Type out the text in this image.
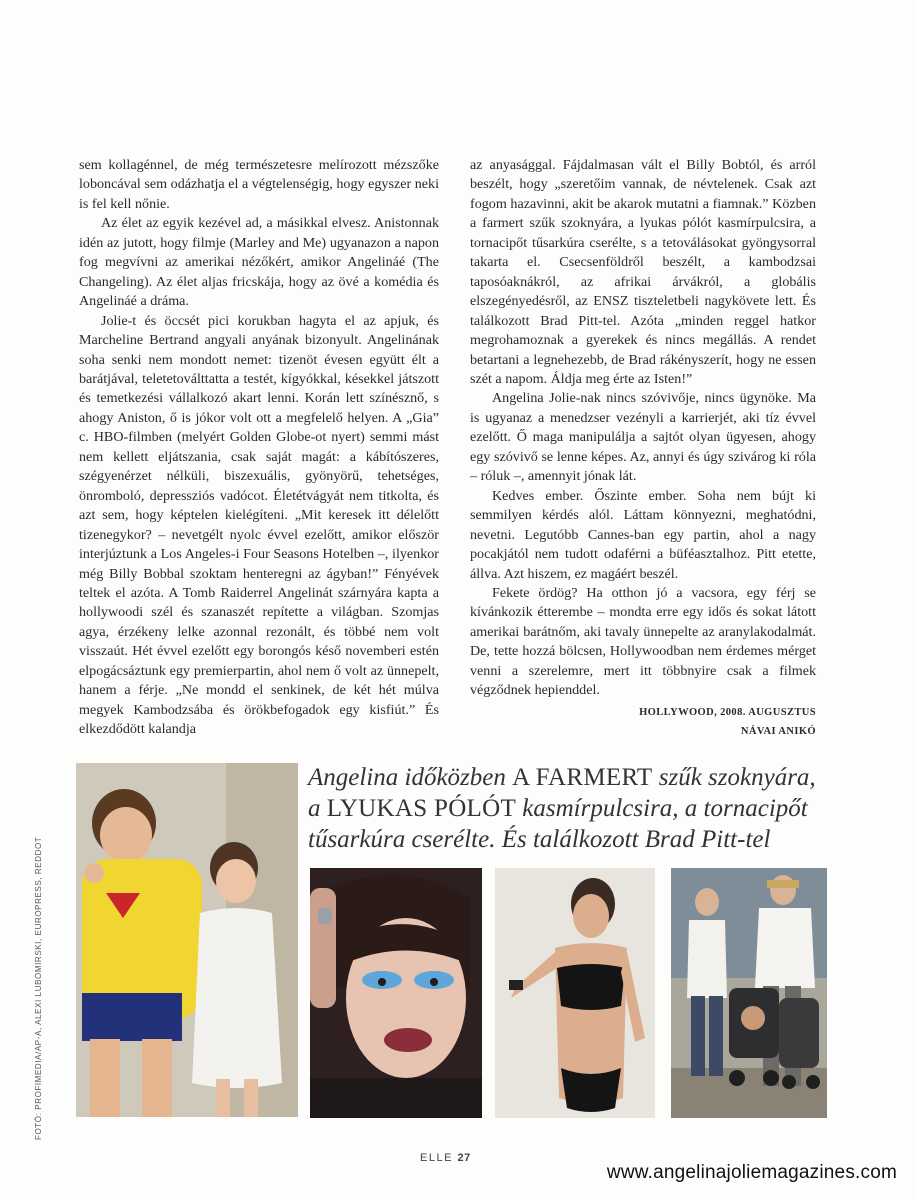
sem kollagénnel, de még természetesre melírozott mézszőke loboncával sem odázhatja el a végtelenségig, hogy egyszer neki is fel kell nőnie.

Az élet az egyik kezével ad, a másikkal elvesz. Anistonnak idén az jutott, hogy filmje (Marley and Me) ugyanazon a napon fog megvívni az amerikai nézőkért, amikor Angelináé (The Changeling). Az élet aljas fricskája, hogy az övé a komédia és Angelináé a dráma.

Jolie-t és öccsét pici korukban hagyta el az apjuk, és Marcheline Bertrand angyali anyának bizonyult. Angelinának soha senki nem mondott nemet: tizenöt évesen együtt élt a barátjával, teletetoválttatta a testét, kígyókkal, késekkel játszott és temetkezési vállalkozó akart lenni. Korán lett színésznő, s ahogy Aniston, ő is jókor volt ott a megfelelő helyen. A „Gia” c. HBO-filmben (melyért Golden Globe-ot nyert) semmi mást nem kellett eljátszania, csak saját magát: a kábítószeres, szégyenérzet nélküli, biszexuális, gyönyörű, tehetséges, önromboló, depressziós vadócot. Életétvágyát nem titkolta, és azt sem, hogy képtelen kielégíteni. „Mit keresek itt délelőtt tizenegykor? – nevetgélt nyolc évvel ezelőtt, amikor először interjúztunk a Los Angeles-i Four Seasons Hotelben –, ilyenkor még Billy Bobbal szoktam henteregni az ágyban!” Fényévek teltek el azóta. A Tomb Raiderrel Angelinát szárnyára kapta a hollywoodi szél és szanaszét repítette a világban. Szomjas agya, érzékeny lelke azonnal rezonált, és többé nem volt visszaút. Hét évvel ezelőtt egy borongós késő novemberi estén elpogácsáztunk egy premierpartin, ahol nem ő volt az ünnepelt, hanem a férje. „Ne mondd el senkinek, de két hét múlva megyek Kambodzsába és örökbefogadok egy kisfiút.” És elkezdődött kalandja

az anyasággal. Fájdalmasan vált el Billy Bobtól, és arról beszélt, hogy „szeretőim vannak, de névtelenek. Csak azt fogom hazavinni, akit be akarok mutatni a fiamnak.” Közben a farmert szűk szoknyára, a lyukas pólót kasmírpulcsira, a tornacipőt tűsarkúra cserélte, s a tetoválásokat gyöngysorral takarta el. Csecsenföldről beszélt, a kambodzsai taposóaknákról, az afrikai árvákról, a globális elszegényedésről, az ENSZ tiszteletbeli nagykövete lett. És találkozott Brad Pitt-tel. Azóta „minden reggel hatkor megrohamoznak a gyerekek és nincs megállás. A rendet betartani a legnehezebb, de Brad rákényszerít, hogy ne essen szét a napom. Áldja meg érte az Isten!”

Angelina Jolie-nak nincs szóvivője, nincs ügynöke. Ma is ugyanaz a menedzser vezényli a karrierjét, aki tíz évvel ezelőtt. Ő maga manipulálja a sajtót olyan ügyesen, ahogy egy szóvivő se lenne képes. Az, annyi és úgy szivárog ki róla – róluk –, amennyit jónak lát.

Kedves ember. Őszinte ember. Soha nem bújt ki semmilyen kérdés alól. Láttam könnyezni, meghatódni, nevetni. Legutóbb Cannes-ban egy partin, ahol a nagy pocakjától nem tudott odaférni a büféasztalhoz. Pitt etette, állva. Azt hiszem, ez magáért beszél.

Fekete ördög? Ha otthon jó a vacsora, egy férj se kívánkozik étterembe – mondta erre egy idős és sokat látott amerikai barátnőm, aki tavaly ünnepelte az aranylakodalmát. De, tette hozzá bölcsen, Hollywoodban nem érdemes mérget venni a szerelemre, mert itt többnyire csak a filmek végződnek hepienddel.

HOLLYWOOD, 2008. AUGUSZTUS
NÁVAI ANIKÓ
Angelina időközben A FARMERT szűk szoknyára,
a LYUKAS PÓLÓT kasmírpulcsira, a tornacipőt
tűsarkúra cserélte. És találkozott Brad Pitt-tel
FOTÓ: PROFIMEDIA/AP-A, ALEXI LUBOMIRSKI, EUROPRESS, REDDOT
ELLE 27
www.angelinajoliemagazines.com
